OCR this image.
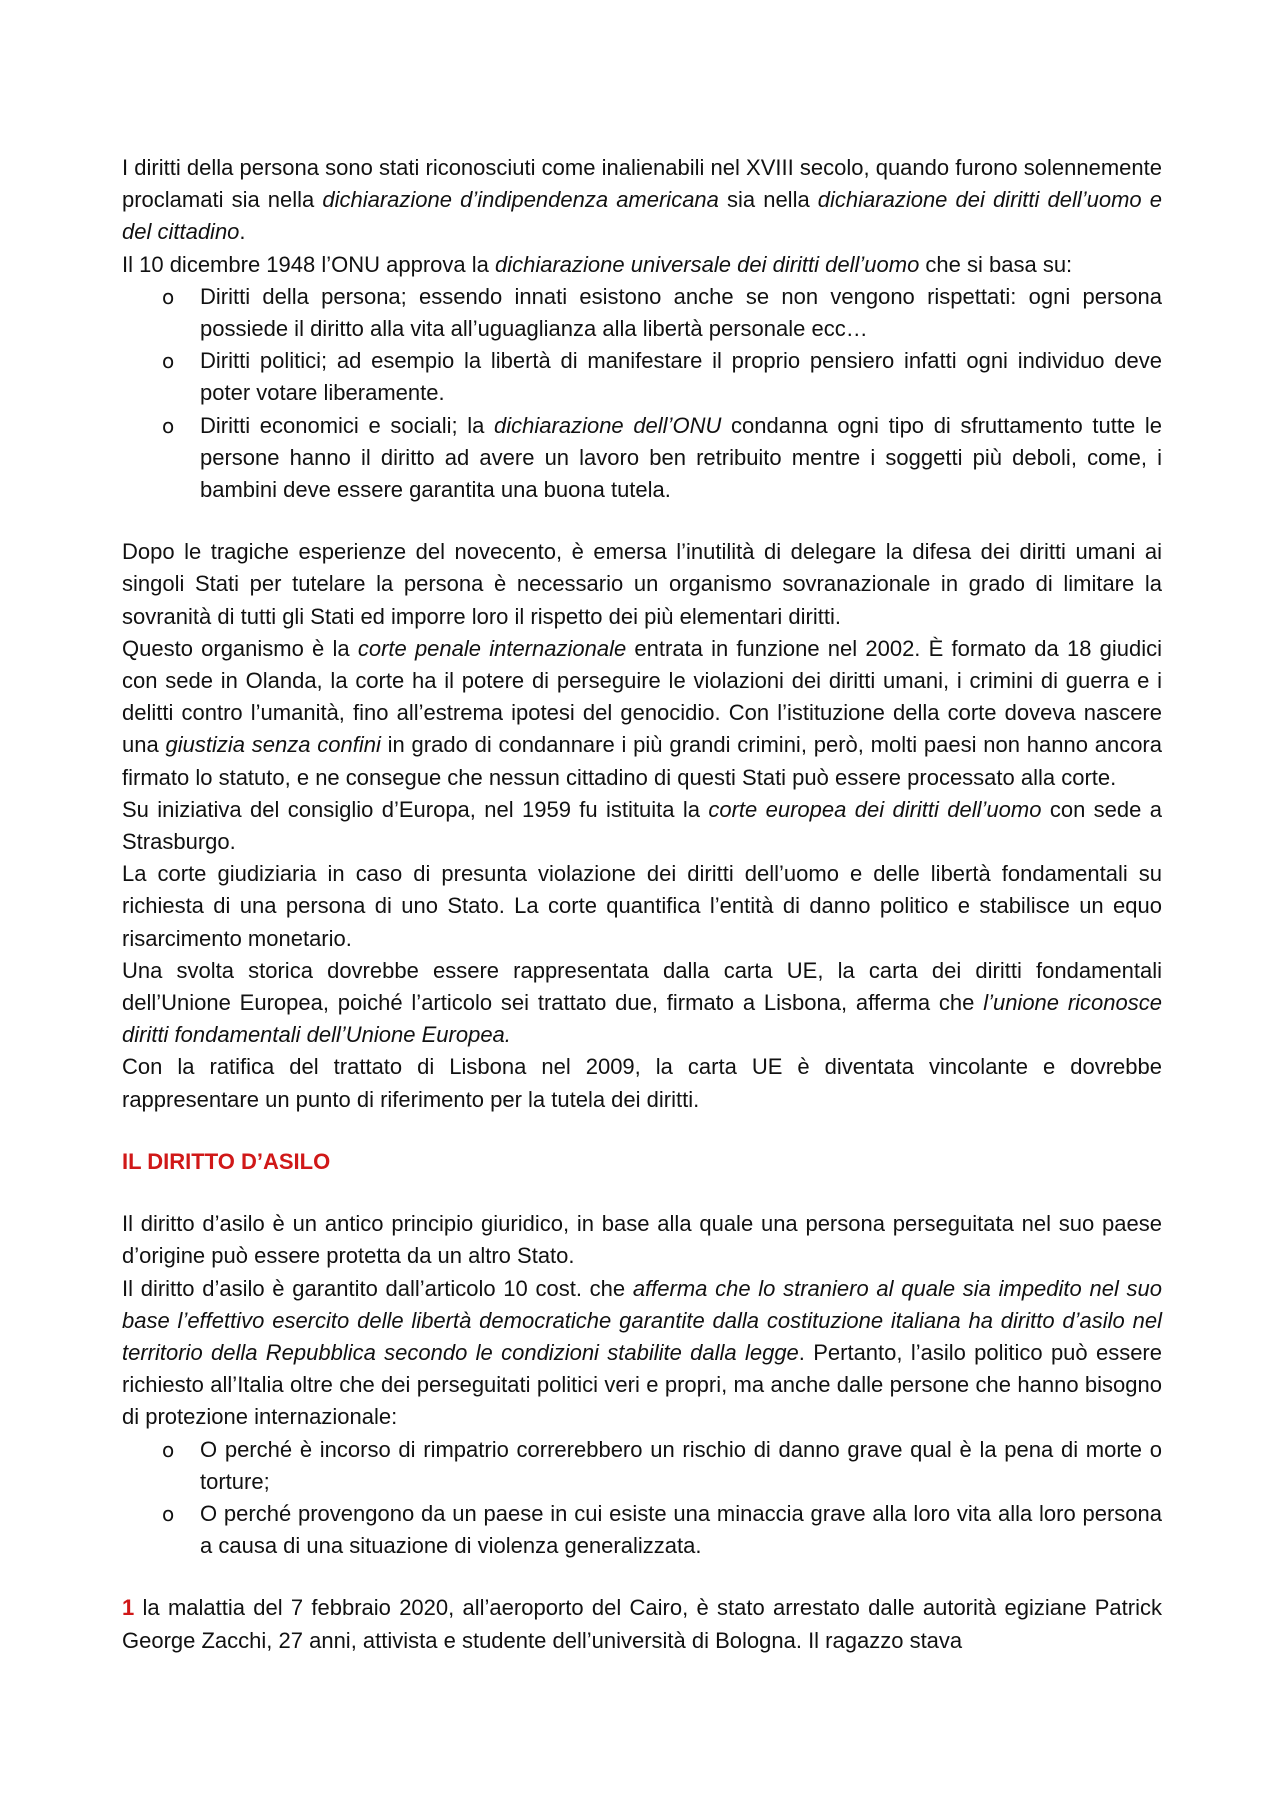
I diritti della persona sono stati riconosciuti come inalienabili nel XVIII secolo, quando furono solennemente proclamati sia nella dichiarazione d’indipendenza americana sia nella dichiarazione dei diritti dell’uomo e del cittadino.

Il 10 dicembre 1948 l’ONU approva la dichiarazione universale dei diritti dell’uomo che si basa su:

o Diritti della persona; essendo innati esistono anche se non vengono rispettati: ogni persona possiede il diritto alla vita all’uguaglianza alla libertà personale ecc…
o Diritti politici; ad esempio la libertà di manifestare il proprio pensiero infatti ogni individuo deve poter votare liberamente.
o Diritti economici e sociali; la dichiarazione dell’ONU condanna ogni tipo di sfruttamento tutte le persone hanno il diritto ad avere un lavoro ben retribuito mentre i soggetti più deboli, come, i bambini deve essere garantita una buona tutela.

Dopo le tragiche esperienze del novecento, è emersa l’inutilità di delegare la difesa dei diritti umani ai singoli Stati per tutelare la persona è necessario un organismo sovranazionale in grado di limitare la sovranità di tutti gli Stati ed imporre loro il rispetto dei più elementari diritti.

Questo organismo è la corte penale internazionale entrata in funzione nel 2002. È formato da 18 giudici con sede in Olanda, la corte ha il potere di perseguire le violazioni dei diritti umani, i crimini di guerra e i delitti contro l’umanità, fino all’estrema ipotesi del genocidio. Con l’istituzione della corte doveva nascere una giustizia senza confini in grado di condannare i più grandi crimini, però, molti paesi non hanno ancora firmato lo statuto, e ne consegue che nessun cittadino di questi Stati può essere processato alla corte.

Su iniziativa del consiglio d’Europa, nel 1959 fu istituita la corte europea dei diritti dell’uomo con sede a Strasburgo.

La corte giudiziaria in caso di presunta violazione dei diritti dell’uomo e delle libertà fondamentali su richiesta di una persona di uno Stato. La corte quantifica l’entità di danno politico e stabilisce un equo risarcimento monetario.

Una svolta storica dovrebbe essere rappresentata dalla carta UE, la carta dei diritti fondamentali dell’Unione Europea, poiché l’articolo sei trattato due, firmato a Lisbona, afferma che l’unione riconosce diritti fondamentali dell’Unione Europea.

Con la ratifica del trattato di Lisbona nel 2009, la carta UE è diventata vincolante e dovrebbe rappresentare un punto di riferimento per la tutela dei diritti.

IL DIRITTO D’ASILO

Il diritto d’asilo è un antico principio giuridico, in base alla quale una persona perseguitata nel suo paese d’origine può essere protetta da un altro Stato.

Il diritto d’asilo è garantito dall’articolo 10 cost. che afferma che lo straniero al quale sia impedito nel suo base l’effettivo esercito delle libertà democratiche garantite dalla costituzione italiana ha diritto d’asilo nel territorio della Repubblica secondo le condizioni stabilite dalla legge. Pertanto, l’asilo politico può essere richiesto all’Italia oltre che dei perseguitati politici veri e propri, ma anche dalle persone che hanno bisogno di protezione internazionale:

o O perché è incorso di rimpatrio correrebbero un rischio di danno grave qual è la pena di morte o torture;
o O perché provengono da un paese in cui esiste una minaccia grave alla loro vita alla loro persona a causa di una situazione di violenza generalizzata.

1 la malattia del 7 febbraio 2020, all’aeroporto del Cairo, è stato arrestato dalle autorità egiziane Patrick George Zacchi, 27 anni, attivista e studente dell’università di Bologna. Il ragazzo stava
